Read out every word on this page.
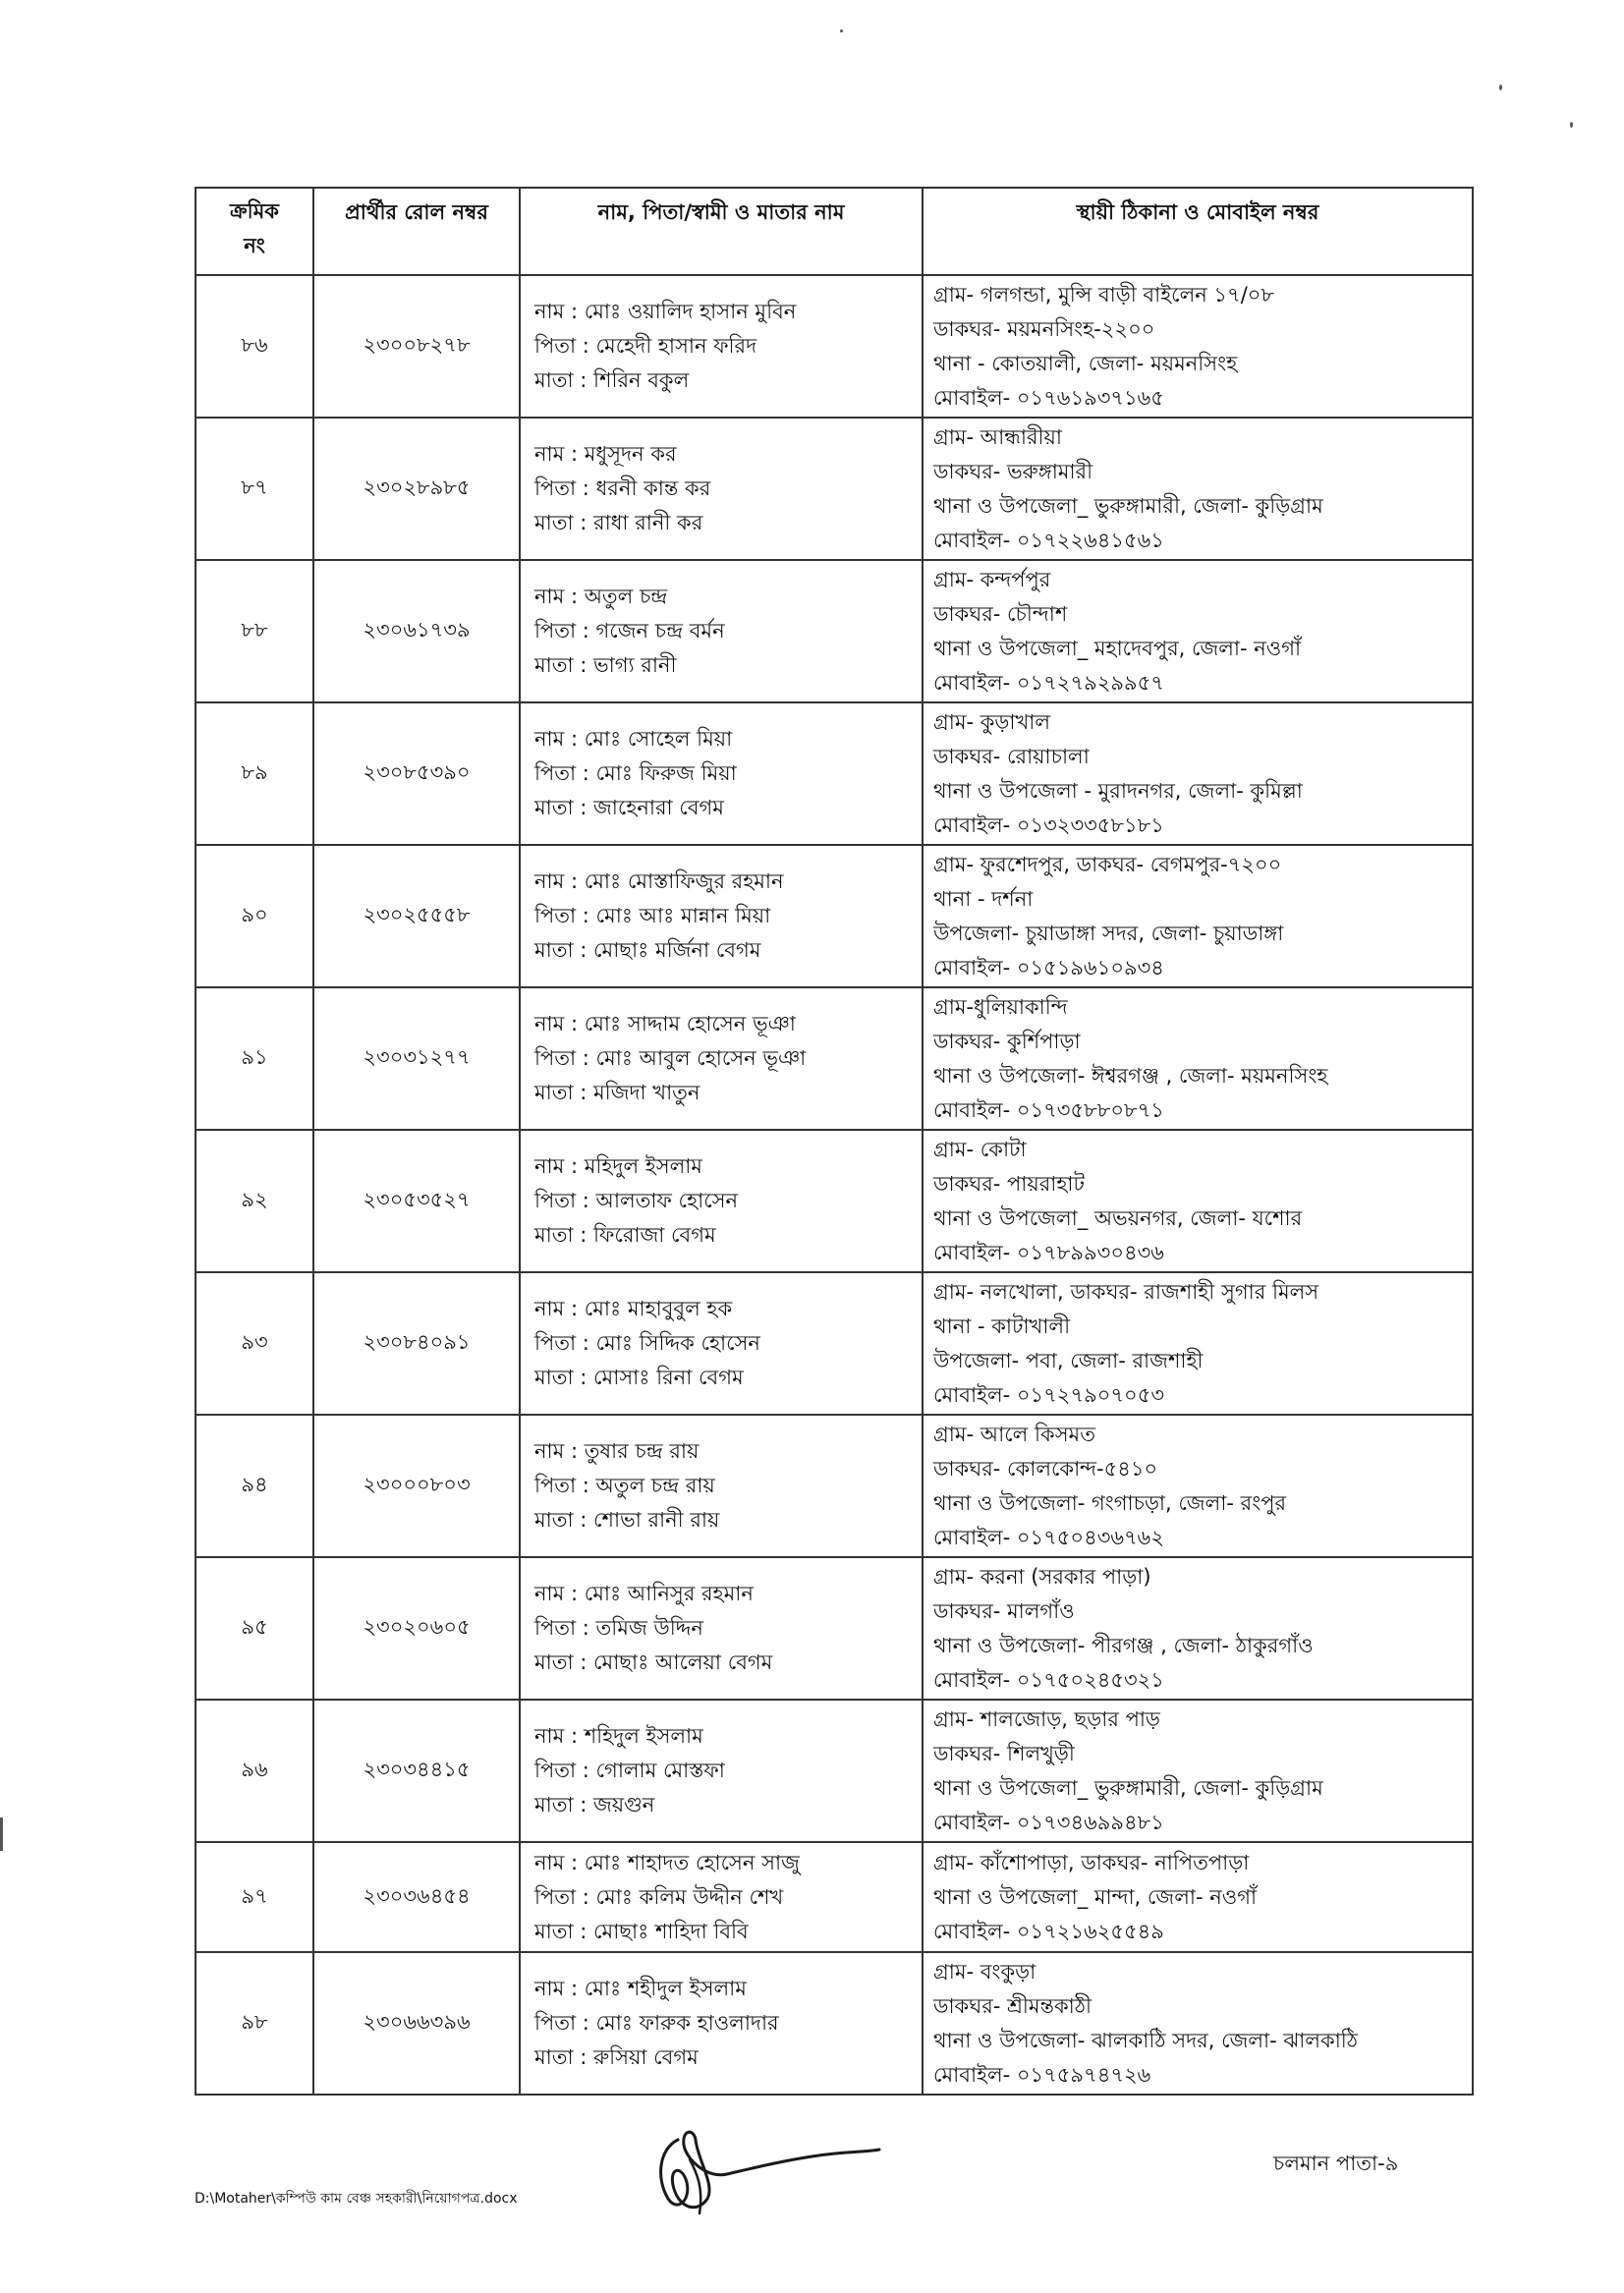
ক্রমিক
নং	প্রার্থীর রোল নম্বর	নাম, পিতা/স্বামী ও মাতার নাম	স্থায়ী ঠিকানা ও মোবাইল নম্বর
৮৬	২৩০০৮২৭৮	নাম : মোঃ ওয়ালিদ হাসান মুবিন
পিতা : মেহেদী হাসান ফরিদ
মাতা : শিরিন বকুল	গ্রাম- গলগন্ডা, মুন্সি বাড়ী বাইলেন ১৭/০৮
ডাকঘর- ময়মনসিংহ-২২০০
থানা - কোতয়ালী, জেলা- ময়মনসিংহ
মোবাইল- ০১৭৬১৯৩৭১৬৫

৮৭	২৩০২৮৯৮৫	নাম : মধুসূদন কর
পিতা : ধরনী কান্ত কর
মাতা : রাধা রানী কর	গ্রাম- আন্ধারীয়া
ডাকঘর- ভরুঙ্গামারী
থানা ও উপজেলা_ ভুরুঙ্গামারী, জেলা- কুড়িগ্রাম
মোবাইল- ০১৭২২৬৪১৫৬১

৮৮	২৩০৬১৭৩৯	নাম : অতুল চন্দ্র
পিতা : গজেন চন্দ্র বর্মন
মাতা : ভাগ্য রানী	গ্রাম- কন্দর্পপুর
ডাকঘর- চৌন্দাশ
থানা ও উপজেলা_ মহাদেবপুর, জেলা- নওগাঁ
মোবাইল- ০১৭২৭৯২৯৯৫৭

৮৯	২৩০৮৫৩৯০	নাম : মোঃ সোহেল মিয়া
পিতা : মোঃ ফিরুজ মিয়া
মাতা : জাহেনারা বেগম	গ্রাম- কুড়াখাল
ডাকঘর- রোয়াচালা
থানা ও উপজেলা - মুরাদনগর, জেলা- কুমিল্লা
মোবাইল- ০১৩২৩৩৫৮১৮১

৯০	২৩০২৫৫৫৮	নাম : মোঃ মোস্তাফিজুর রহমান
পিতা : মোঃ আঃ মান্নান মিয়া
মাতা : মোছাঃ মর্জিনা বেগম	গ্রাম- ফুরশেদপুর, ডাকঘর- বেগমপুর-৭২০০
থানা - দর্শনা
উপজেলা- চুয়াডাঙ্গা সদর, জেলা- চুয়াডাঙ্গা
মোবাইল- ০১৫১৯৬১০৯৩৪

৯১	২৩০৩১২৭৭	নাম : মোঃ সাদ্দাম হোসেন ভূঞা
পিতা : মোঃ আবুল হোসেন ভূঞা
মাতা : মজিদা খাতুন	গ্রাম-ধুলিয়াকান্দি
ডাকঘর- কুর্শিপাড়া
থানা ও উপজেলা- ঈশ্বরগঞ্জ , জেলা- ময়মনসিংহ
মোবাইল- ০১৭৩৫৮৮০৮৭১

৯২	২৩০৫৩৫২৭	নাম : মহিদুল ইসলাম
পিতা : আলতাফ হোসেন
মাতা : ফিরোজা বেগম	গ্রাম- কোটা
ডাকঘর- পায়রাহাট
থানা ও উপজেলা_ অভয়নগর, জেলা- যশোর
মোবাইল- ০১৭৮৯৯৩০৪৩৬

৯৩	২৩০৮৪০৯১	নাম : মোঃ মাহাবুবুল হক
পিতা : মোঃ সিদ্দিক হোসেন
মাতা : মোসাঃ রিনা বেগম	গ্রাম- নলখোলা, ডাকঘর- রাজশাহী সুগার মিলস
থানা - কাটাখালী
উপজেলা- পবা, জেলা- রাজশাহী
মোবাইল- ০১৭২৭৯০৭০৫৩

৯৪	২৩০০০৮০৩	নাম : তুষার চন্দ্র রায়
পিতা : অতুল চন্দ্র রায়
মাতা : শোভা রানী রায়	গ্রাম- আলে কিসমত
ডাকঘর- কোলকোন্দ-৫৪১০
থানা ও উপজেলা- গংগাচড়া, জেলা- রংপুর
মোবাইল- ০১৭৫০৪৩৬৭৬২

৯৫	২৩০২০৬০৫	নাম : মোঃ আনিসুর রহমান
পিতা : তমিজ উদ্দিন
মাতা : মোছাঃ আলেয়া বেগম	গ্রাম- করনা (সরকার পাড়া)
ডাকঘর- মালগাঁও
থানা ও উপজেলা- পীরগঞ্জ , জেলা- ঠাকুরগাঁও
মোবাইল- ০১৭৫০২৪৫৩২১

৯৬	২৩০৩৪৪১৫	নাম : শহিদুল ইসলাম
পিতা : গোলাম মোস্তফা
মাতা : জয়গুন	গ্রাম- শালজোড়, ছড়ার পাড়
ডাকঘর- শিলখুড়ী
থানা ও উপজেলা_ ভুরুঙ্গামারী, জেলা- কুড়িগ্রাম
মোবাইল- ০১৭৩৪৬৯৯৪৮১

৯৭	২৩০৩৬৪৫৪	নাম : মোঃ শাহাদত হোসেন সাজু
পিতা : মোঃ কলিম উদ্দীন শেখ
মাতা : মোছাঃ শাহিদা বিবি	গ্রাম- কাঁশোপাড়া, ডাকঘর- নাপিতপাড়া
থানা ও উপজেলা_ মান্দা, জেলা- নওগাঁ
মোবাইল- ০১৭২১৬২৫৫৪৯

৯৮	২৩০৬৬৩৯৬	নাম : মোঃ শহীদুল ইসলাম
পিতা : মোঃ ফারুক হাওলাদার
মাতা : রুসিয়া বেগম	গ্রাম- বংকুড়া
ডাকঘর- শ্রীমন্তকাঠী
থানা ও উপজেলা- ঝালকাঠি সদর, জেলা- ঝালকাঠি
মোবাইল- ০১৭৫৯৭৪৭২৬
D:\Motaher\কম্পিউ কাম বেঞ্চ সহকারী\নিয়োগপত্র.docx
চলমান পাতা-৯
